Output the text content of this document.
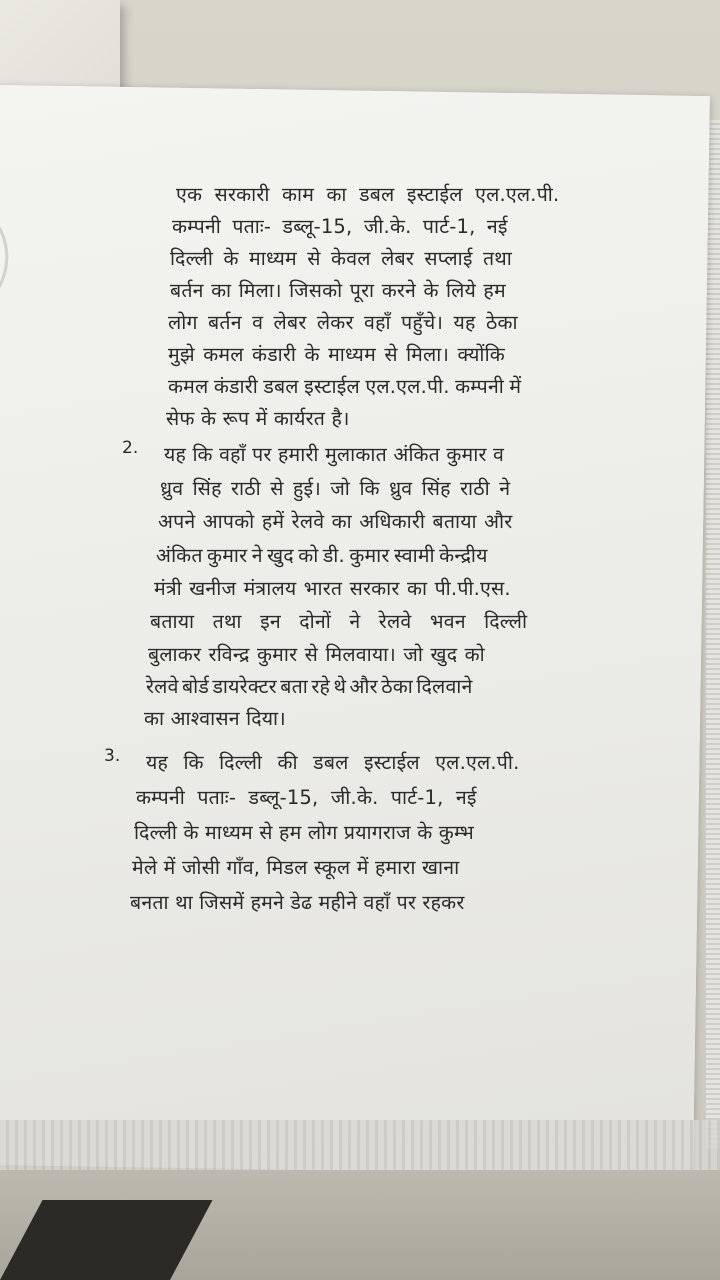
एक सरकारी काम का डबल इस्टाईल एल.एल.पी.
कम्पनी पताः- डब्लू-15, जी.के. पार्ट-1, नई
दिल्ली के माध्यम से केवल लेबर सप्लाई तथा
बर्तन का मिला। जिसको पूरा करने के लिये हम
लोग बर्तन व लेबर लेकर वहाँ पहुँचे। यह ठेका
मुझे कमल कंडारी के माध्यम से मिला। क्योंकि
कमल कंडारी डबल इस्टाईल एल.एल.पी. कम्पनी में
सेफ के रूप में कार्यरत है।
2. यह कि वहाँ पर हमारी मुलाकात अंकित कुमार व
ध्रुव सिंह राठी से हुई। जो कि ध्रुव सिंह राठी ने
अपने आपको हमें रेलवे का अधिकारी बताया और
अंकित कुमार ने खुद को डी. कुमार स्वामी केन्द्रीय
मंत्री खनीज मंत्रालय भारत सरकार का पी.पी.एस.
बताया तथा इन दोनों ने रेलवे भवन दिल्ली
बुलाकर रविन्द्र कुमार से मिलवाया। जो खुद को
रेलवे बोर्ड डायरेक्टर बता रहे थे और ठेका दिलवाने
का आश्वासन दिया।
3. यह कि दिल्ली की डबल इस्टाईल एल.एल.पी.
कम्पनी पताः- डब्लू-15, जी.के. पार्ट-1, नई
दिल्ली के माध्यम से हम लोग प्रयागराज के कुम्भ
मेले में जोसी गाँव, मिडल स्कूल में हमारा खाना
बनता था जिसमें हमने डेढ महीने वहाँ पर रहकर
